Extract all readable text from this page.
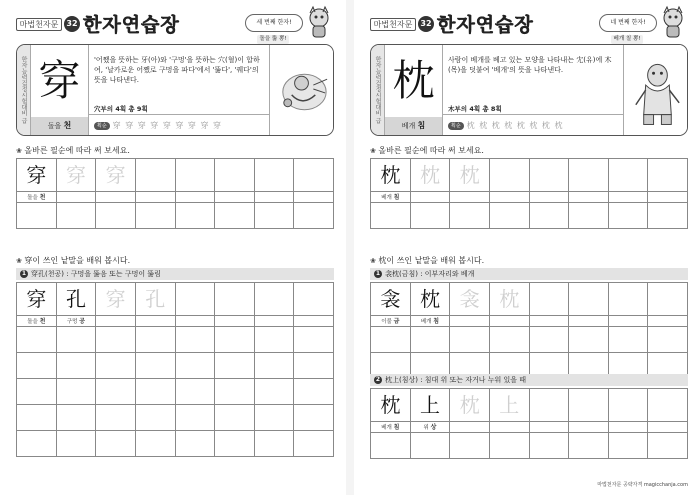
마법천자문	32 한자연습장	세 번째 한자!
돌을 뚫 뽕!
한자능력검정시험대비 급 穿
돌을 천
'어쨌을 뜻하는 牙(아)와 '구멍'을 뜻하는 穴(혈)이 합하여, '날카로운 어쨌로 구멍을 파다'에서 '뚫다', '꿰다'의 뜻을 나타낸다.
穴부의 4획 총 9획
획순 穿 穿 穿 穿 穿 穿 穿 穿 穿
❀ 올바른 필순에 따라 써 보세요.
穿 穿 穿
돌을 천
❀ 穿이 쓰인 낱말을 배워 봅시다.
1 穿孔(천공) : 구멍을 뚫음 또는 구멍이 뚫림
穿 孔 穿 孔
돌을 천	구멍 공
마법천자문	32 한자연습장	네 번째 한자!
베개 칠 뽕!
한자능력검정시험대비 급 枕
베개 침
사람이 베개를 베고 있는 모양을 나타내는 冘(유)에 木(목)을 덧붙여 '베개'의 뜻을 나타낸다.
木부의 4획 총 8획
획순 枕 枕 枕 枕 枕 枕 枕 枕
❀ 올바른 필순에 따라 써 보세요.
枕 枕 枕
베개 침
❀ 枕이 쓰인 낱말을 배워 봅시다.
1 衾枕(금침) : 이부자리와 베개
衾 枕 衾 枕
이불 금	베개 침
2 枕上(침상) : 침대 위 또는 자거나 누워 있을 때
枕 上 枕 上
베개 침	위 상
마법천자문 공략자격 magicchanja.com
